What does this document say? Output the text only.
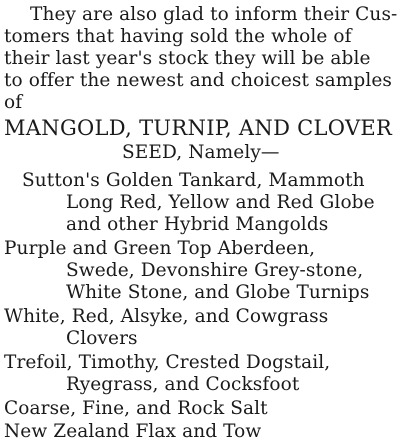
They are also glad to inform their Cus-
tomers that having sold the whole of
their last year's stock they will be able
to offer the newest and choicest samples
of
MANGOLD, TURNIP, AND CLOVER
SEED, Namely—
Sutton's Golden Tankard, Mammoth
Long Red, Yellow and Red Globe
and other Hybrid Mangolds
Purple and Green Top Aberdeen,
Swede, Devonshire Grey-stone,
White Stone, and Globe Turnips
White, Red, Alsyke, and Cowgrass
Clovers
Trefoil, Timothy, Crested Dogstail,
Ryegrass, and Cocksfoot
Coarse, Fine, and Rock Salt
New Zealand Flax and Tow
